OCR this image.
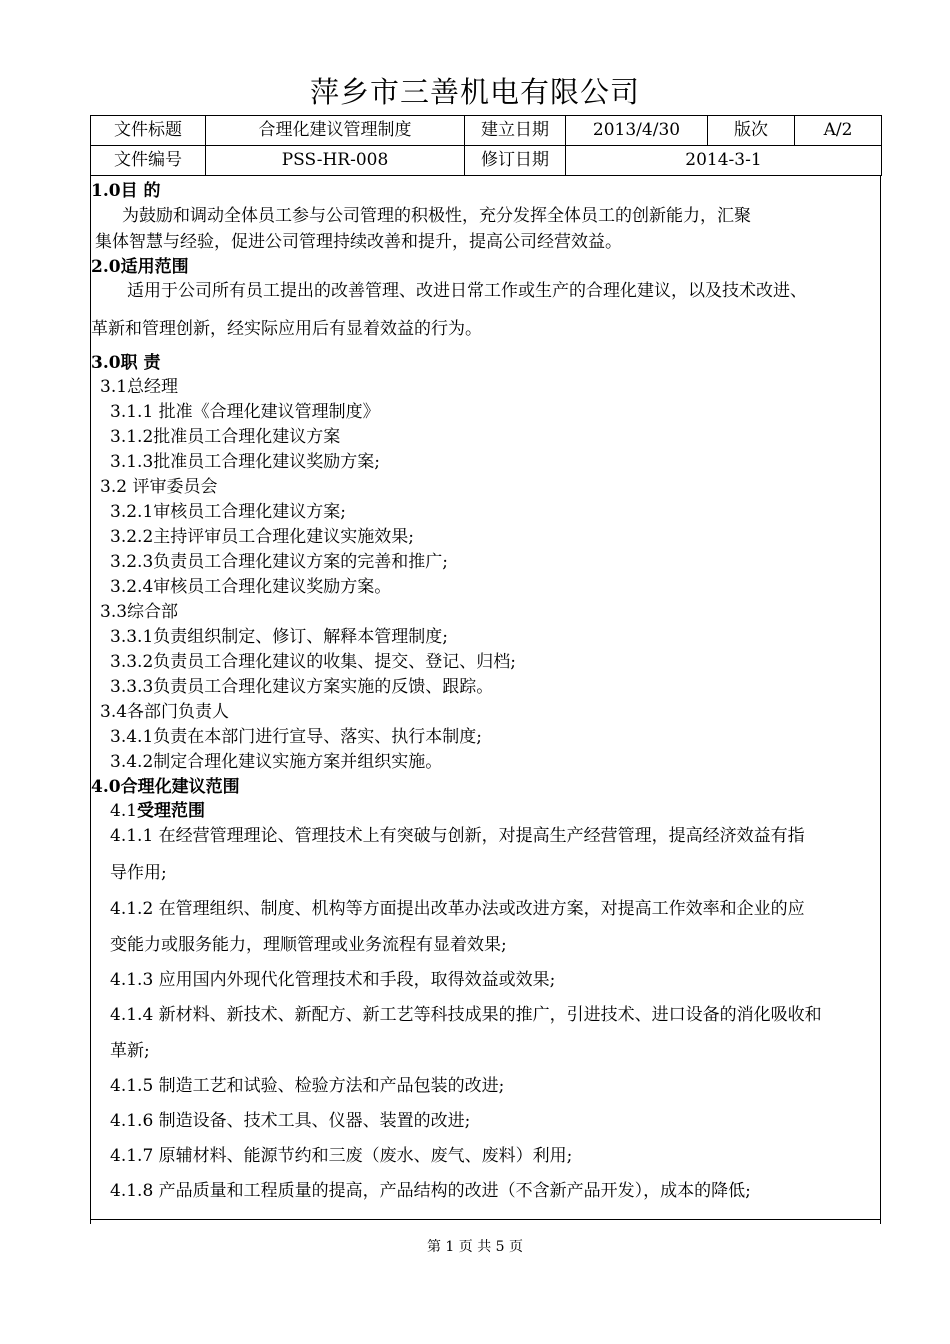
萍乡市三善机电有限公司
文件标题	合理化建议管理制度	建立日期	2013/4/30	版次	A/2
文件编号	PSS-HR-008	修订日期	2014-3-1		
1.0目 的
为鼓励和调动全体员工参与公司管理的积极性，充分发挥全体员工的创新能力，汇聚
集体智慧与经验，促进公司管理持续改善和提升，提高公司经营效益。
2.0适用范围
适用于公司所有员工提出的改善管理、改进日常工作或生产的合理化建议，以及技术改进、
革新和管理创新，经实际应用后有显着效益的行为。
3.0职 责
3.1总经理
3.1.1 批准《合理化建议管理制度》
3.1.2批准员工合理化建议方案
3.1.3批准员工合理化建议奖励方案;
3.2 评审委员会
3.2.1审核员工合理化建议方案;
3.2.2主持评审员工合理化建议实施效果;
3.2.3负责员工合理化建议方案的完善和推广;
3.2.4审核员工合理化建议奖励方案。
3.3综合部
3.3.1负责组织制定、修订、解释本管理制度;
3.3.2负责员工合理化建议的收集、提交、登记、归档;
3.3.3负责员工合理化建议方案实施的反馈、跟踪。
3.4各部门负责人
3.4.1负责在本部门进行宣导、落实、执行本制度;
3.4.2制定合理化建议实施方案并组织实施。
4.0合理化建议范围
4.1受理范围
4.1.1 在经营管理理论、管理技术上有突破与创新，对提高生产经营管理，提高经济效益有指
导作用;
4.1.2 在管理组织、制度、机构等方面提出改革办法或改进方案，对提高工作效率和企业的应
变能力或服务能力，理顺管理或业务流程有显着效果;
4.1.3 应用国内外现代化管理技术和手段，取得效益或效果;
4.1.4 新材料、新技术、新配方、新工艺等科技成果的推广，引进技术、进口设备的消化吸收和
革新;
4.1.5 制造工艺和试验、检验方法和产品包装的改进;
4.1.6 制造设备、技术工具、仪器、装置的改进;
4.1.7 原辅材料、能源节约和三废（废水、废气、废料）利用;
4.1.8 产品质量和工程质量的提高，产品结构的改进（不含新产品开发），成本的降低;
第 1 页 共 5 页
